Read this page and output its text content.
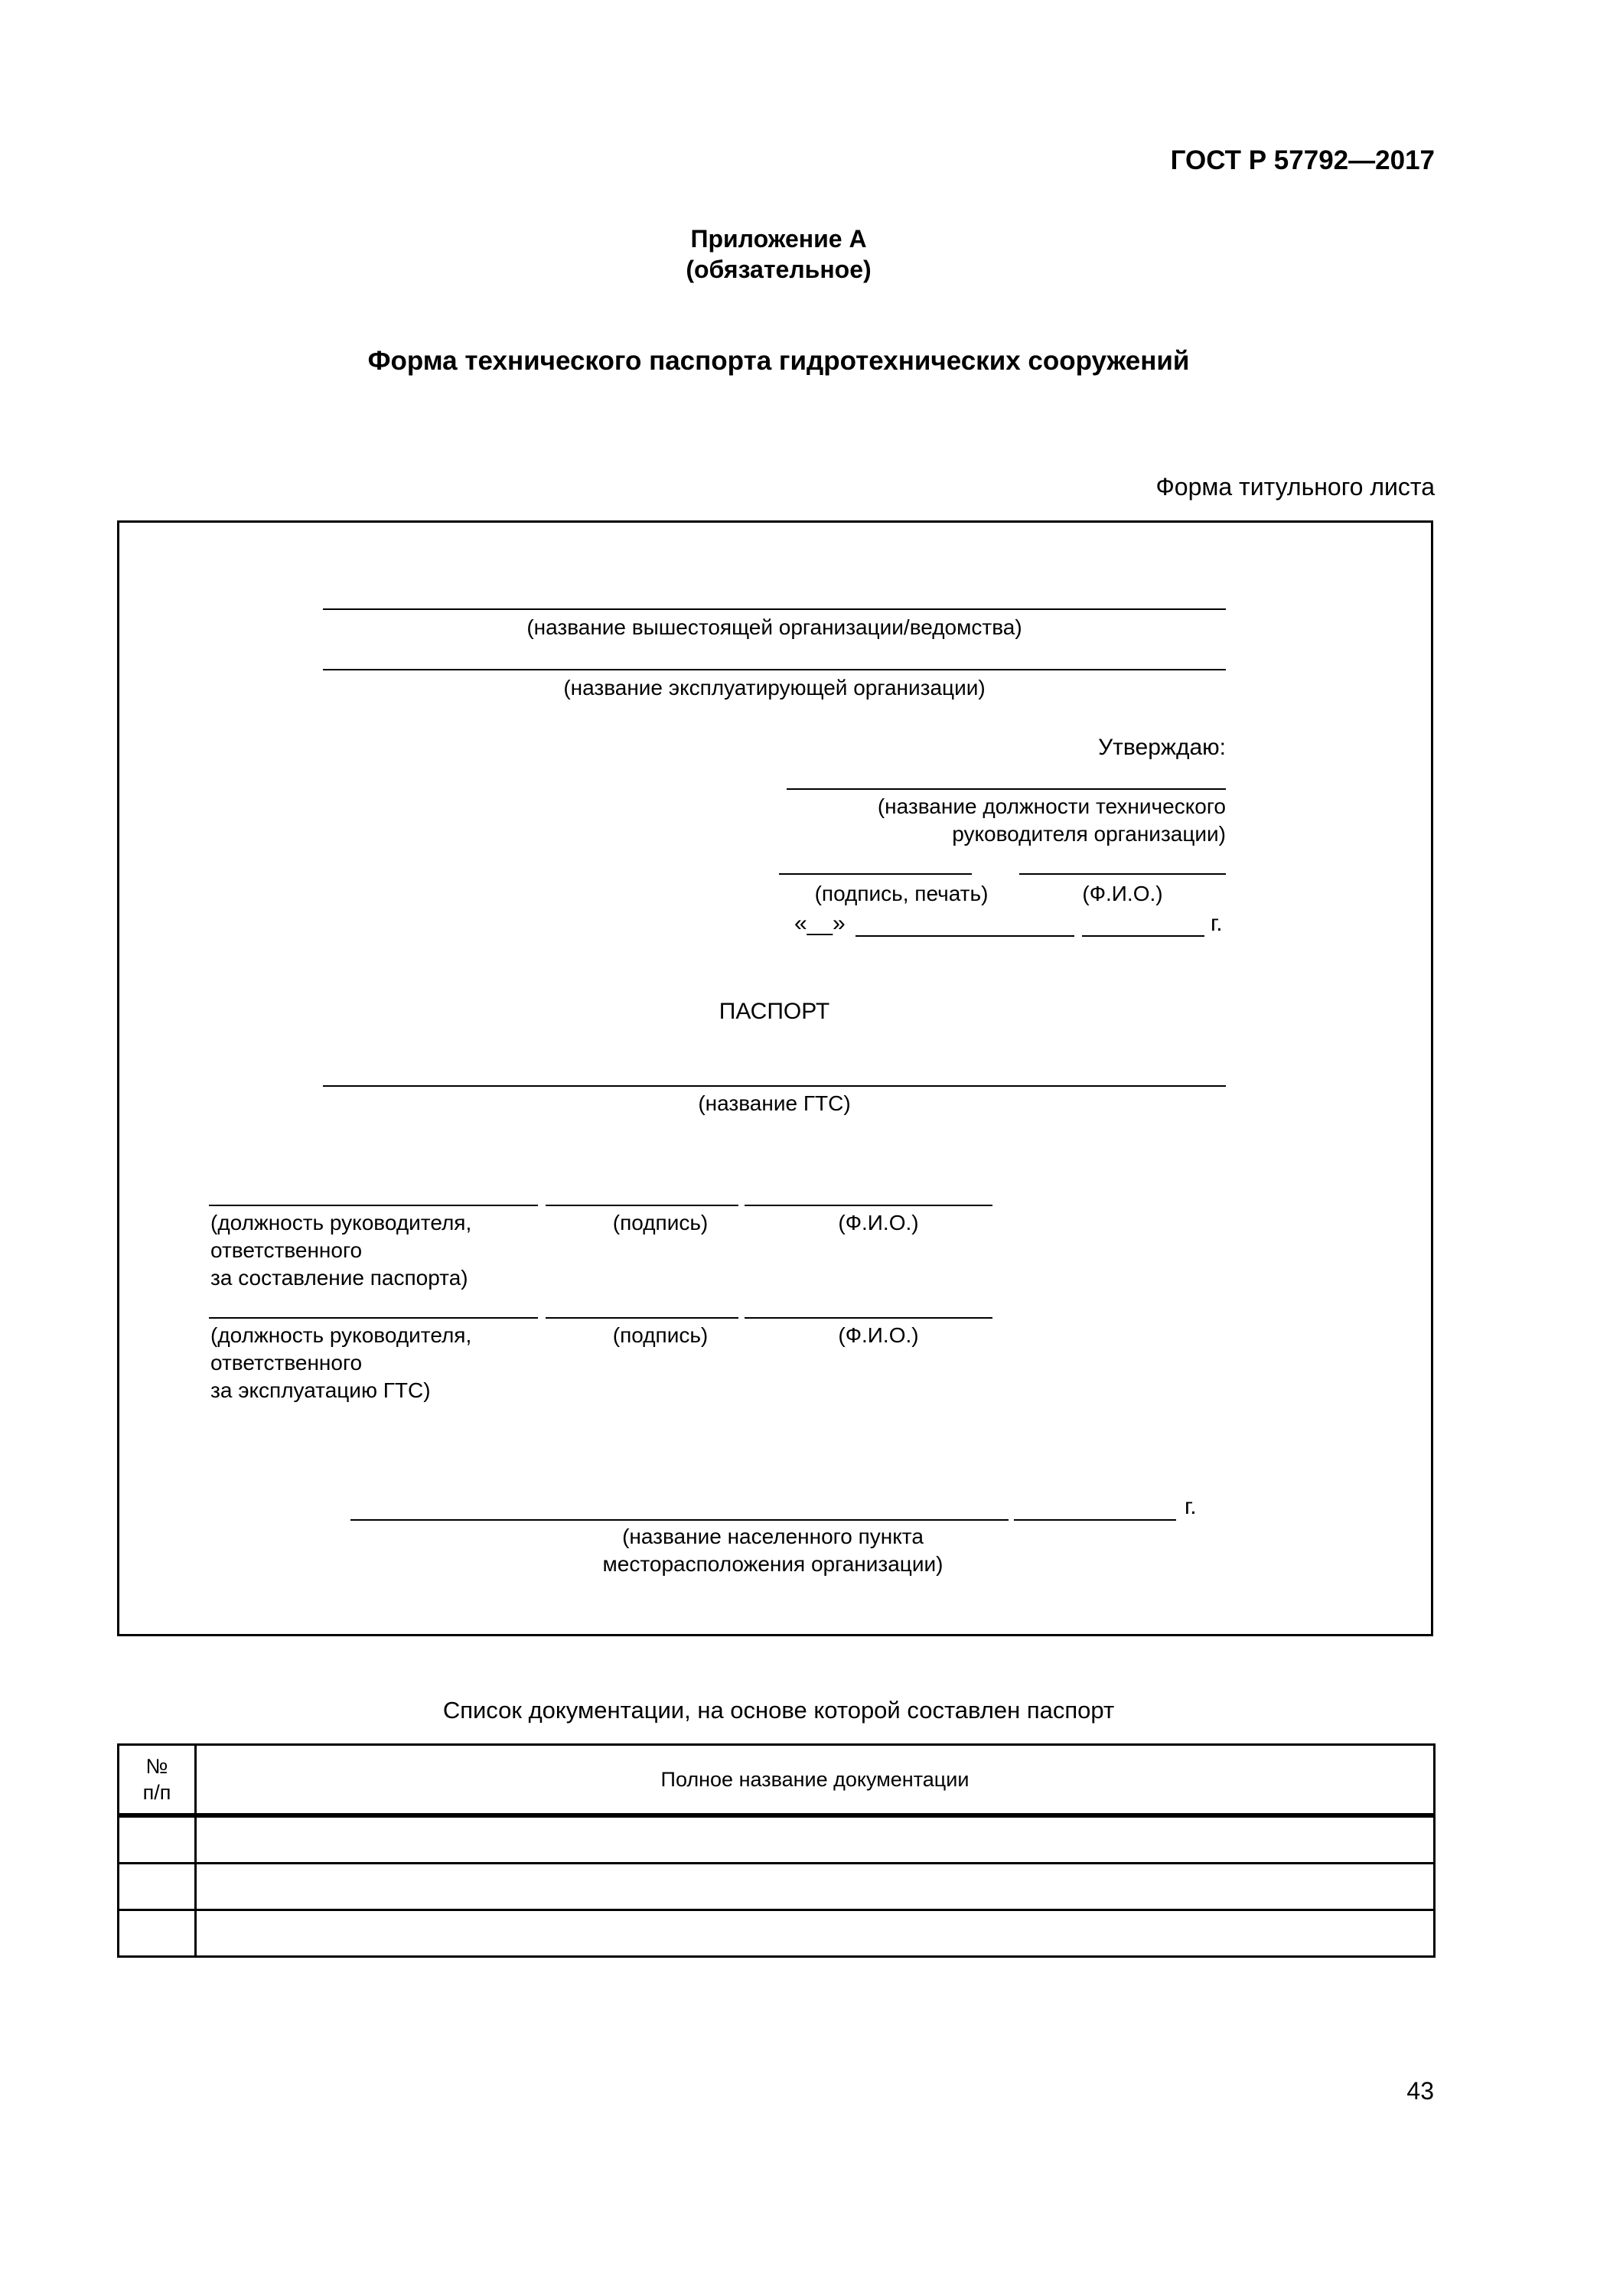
ГОСТ Р 57792—2017
Приложение А
(обязательное)
Форма технического паспорта гидротехнических сооружений
Форма титульного листа
(название вышестоящей организации/ведомства)
(название эксплуатирующей организации)
Утверждаю:
(название должности технического
руководителя организации)
(подпись, печать)	(Ф.И.О.)
«__»	г.
ПАСПОРТ
(название ГТС)
(должность руководителя,
ответственного
за составление паспорта)
(подпись)	(Ф.И.О.)
(должность руководителя,
ответственного
за эксплуатацию ГТС)
(подпись)	(Ф.И.О.)
г.
(название населенного пункта
месторасположения организации)
Список документации, на основе которой составлен паспорт
№
п/п	Полное название документации

43
